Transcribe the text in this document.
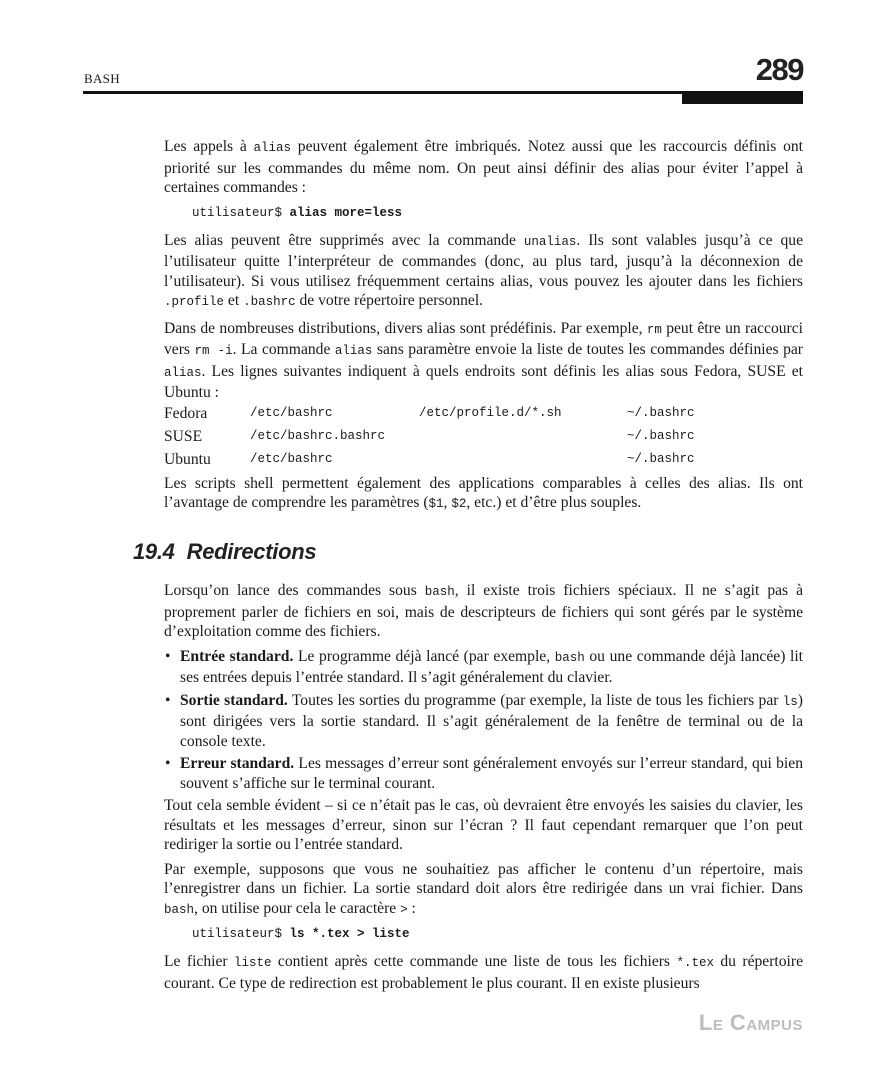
BASH	289

Les appels à alias peuvent également être imbriqués. Notez aussi que les raccourcis définis ont priorité sur les commandes du même nom. On peut ainsi définir des alias pour éviter l’appel à certaines commandes :

utilisateur$ alias more=less

Les alias peuvent être supprimés avec la commande unalias. Ils sont valables jusqu’à ce que l’utilisateur quitte l’interpréteur de commandes (donc, au plus tard, jusqu’à la déconnexion de l’utilisateur). Si vous utilisez fréquemment certains alias, vous pouvez les ajouter dans les fichiers .profile et .bashrc de votre répertoire personnel.

Dans de nombreuses distributions, divers alias sont prédéfinis. Par exemple, rm peut être un raccourci vers rm -i. La commande alias sans paramètre envoie la liste de toutes les commandes définies par alias. Les lignes suivantes indiquent à quels endroits sont définis les alias sous Fedora, SUSE et Ubuntu :

Fedora	/etc/bashrc	/etc/profile.d/*.sh	~/.bashrc
SUSE	/etc/bashrc.bashrc		~/.bashrc
Ubuntu	/etc/bashrc		~/.bashrc

Les scripts shell permettent également des applications comparables à celles des alias. Ils ont l’avantage de comprendre les paramètres ($1, $2, etc.) et d’être plus souples.

19.4 Redirections

Lorsqu’on lance des commandes sous bash, il existe trois fichiers spéciaux. Il ne s’agit pas à proprement parler de fichiers en soi, mais de descripteurs de fichiers qui sont gérés par le système d’exploitation comme des fichiers.

• Entrée standard. Le programme déjà lancé (par exemple, bash ou une commande déjà lancée) lit ses entrées depuis l’entrée standard. Il s’agit généralement du clavier.
• Sortie standard. Toutes les sorties du programme (par exemple, la liste de tous les fichiers par ls) sont dirigées vers la sortie standard. Il s’agit généralement de la fenêtre de terminal ou de la console texte.
• Erreur standard. Les messages d’erreur sont généralement envoyés sur l’erreur standard, qui bien souvent s’affiche sur le terminal courant.

Tout cela semble évident – si ce n’était pas le cas, où devraient être envoyés les saisies du clavier, les résultats et les messages d’erreur, sinon sur l’écran ? Il faut cependant remarquer que l’on peut rediriger la sortie ou l’entrée standard.

Par exemple, supposons que vous ne souhaitiez pas afficher le contenu d’un répertoire, mais l’enregistrer dans un fichier. La sortie standard doit alors être redirigée dans un vrai fichier. Dans bash, on utilise pour cela le caractère > :

utilisateur$ ls *.tex > liste

Le fichier liste contient après cette commande une liste de tous les fichiers *.tex du répertoire courant. Ce type de redirection est probablement le plus courant. Il en existe plusieurs

Le Campus
